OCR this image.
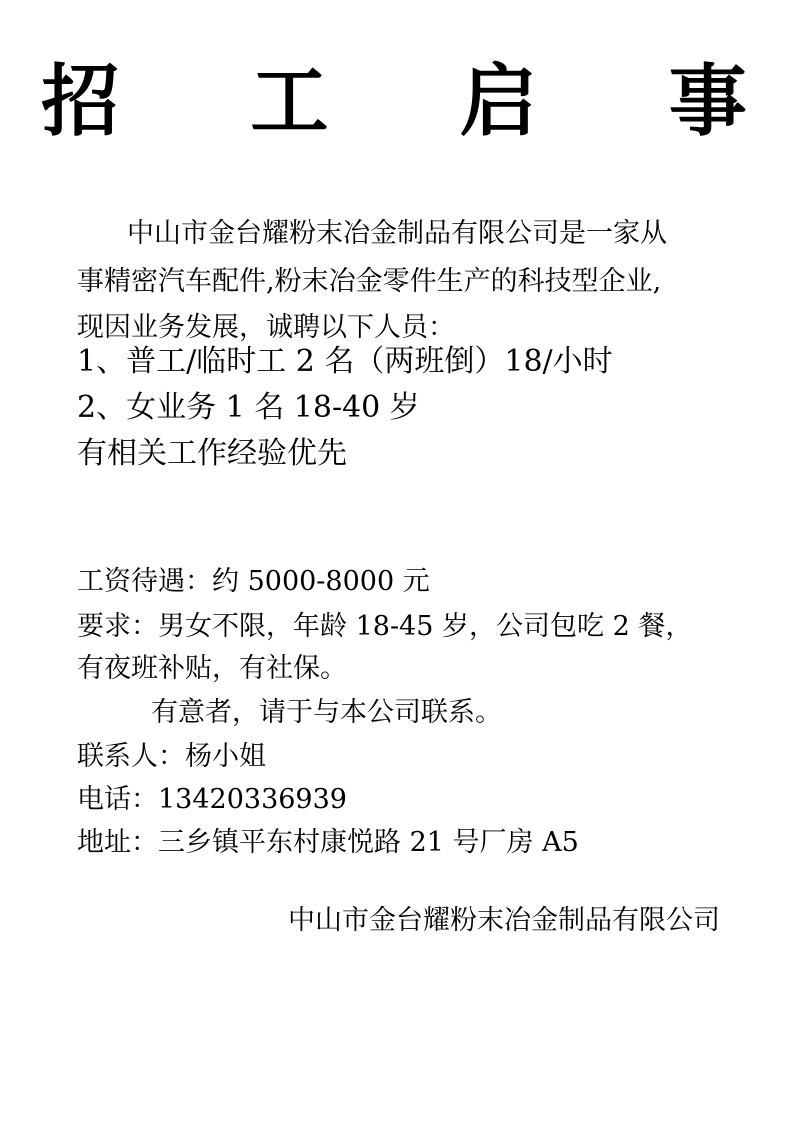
招 工 启 事
中山市金台耀粉末冶金制品有限公司是一家从
事精密汽车配件,粉末冶金零件生产的科技型企业,
现因业务发展，诚聘以下人员：
1、普工/临时工 2 名（两班倒）18/小时
2、女业务 1 名 18-40 岁
有相关工作经验优先
工资待遇：约 5000-8000 元
要求：男女不限，年龄 18-45 岁，公司包吃 2 餐，
有夜班补贴，有社保。
有意者，请于与本公司联系。
联系人：杨小姐
电话：13420336939
地址：三乡镇平东村康悦路 21 号厂房 A5
中山市金台耀粉末冶金制品有限公司
